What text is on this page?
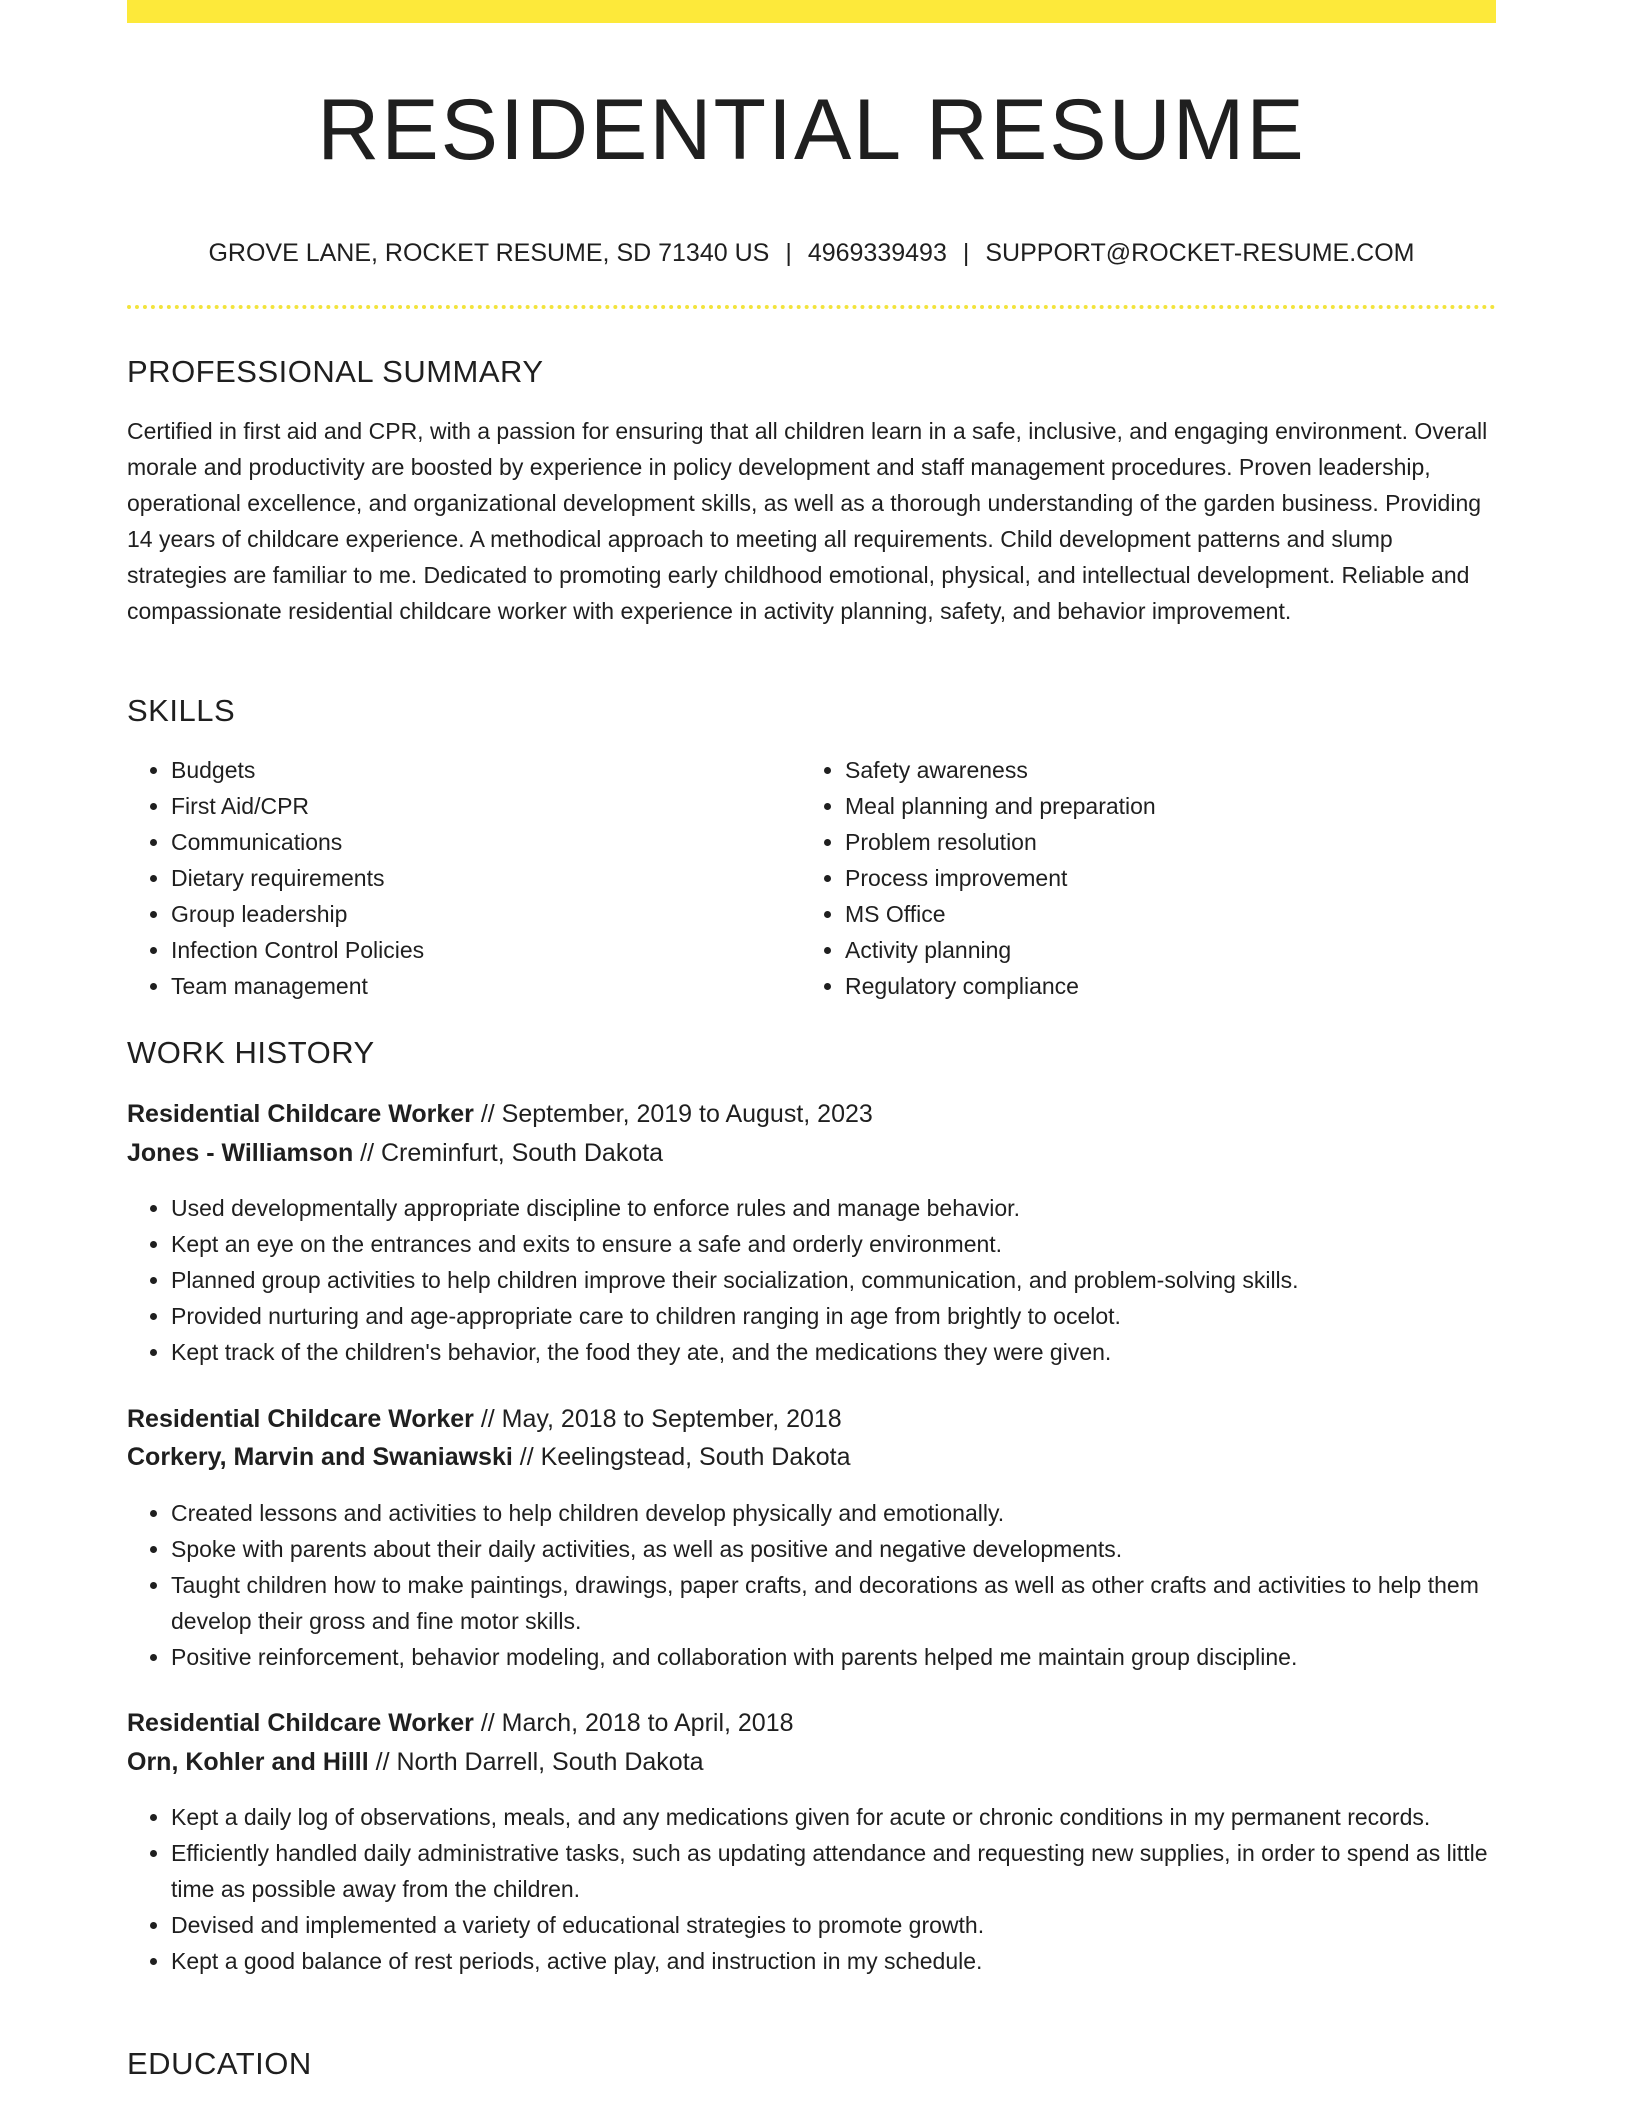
RESIDENTIAL RESUME
GROVE LANE, ROCKET RESUME, SD 71340 US | 4969339493 | SUPPORT@ROCKET-RESUME.COM
PROFESSIONAL SUMMARY
Certified in first aid and CPR, with a passion for ensuring that all children learn in a safe, inclusive, and engaging environment. Overall morale and productivity are boosted by experience in policy development and staff management procedures. Proven leadership, operational excellence, and organizational development skills, as well as a thorough understanding of the garden business. Providing 14 years of childcare experience. A methodical approach to meeting all requirements. Child development patterns and slump strategies are familiar to me. Dedicated to promoting early childhood emotional, physical, and intellectual development. Reliable and compassionate residential childcare worker with experience in activity planning, safety, and behavior improvement.
SKILLS
• Budgets
• First Aid/CPR
• Communications
• Dietary requirements
• Group leadership
• Infection Control Policies
• Team management
• Safety awareness
• Meal planning and preparation
• Problem resolution
• Process improvement
• MS Office
• Activity planning
• Regulatory compliance
WORK HISTORY
Residential Childcare Worker // September, 2019 to August, 2023
Jones - Williamson // Creminfurt, South Dakota
• Used developmentally appropriate discipline to enforce rules and manage behavior.
• Kept an eye on the entrances and exits to ensure a safe and orderly environment.
• Planned group activities to help children improve their socialization, communication, and problem-solving skills.
• Provided nurturing and age-appropriate care to children ranging in age from brightly to ocelot.
• Kept track of the children's behavior, the food they ate, and the medications they were given.
Residential Childcare Worker // May, 2018 to September, 2018
Corkery, Marvin and Swaniawski // Keelingstead, South Dakota
• Created lessons and activities to help children develop physically and emotionally.
• Spoke with parents about their daily activities, as well as positive and negative developments.
• Taught children how to make paintings, drawings, paper crafts, and decorations as well as other crafts and activities to help them develop their gross and fine motor skills.
• Positive reinforcement, behavior modeling, and collaboration with parents helped me maintain group discipline.
Residential Childcare Worker // March, 2018 to April, 2018
Orn, Kohler and Hilll // North Darrell, South Dakota
• Kept a daily log of observations, meals, and any medications given for acute or chronic conditions in my permanent records.
• Efficiently handled daily administrative tasks, such as updating attendance and requesting new supplies, in order to spend as little time as possible away from the children.
• Devised and implemented a variety of educational strategies to promote growth.
• Kept a good balance of rest periods, active play, and instruction in my schedule.
EDUCATION
